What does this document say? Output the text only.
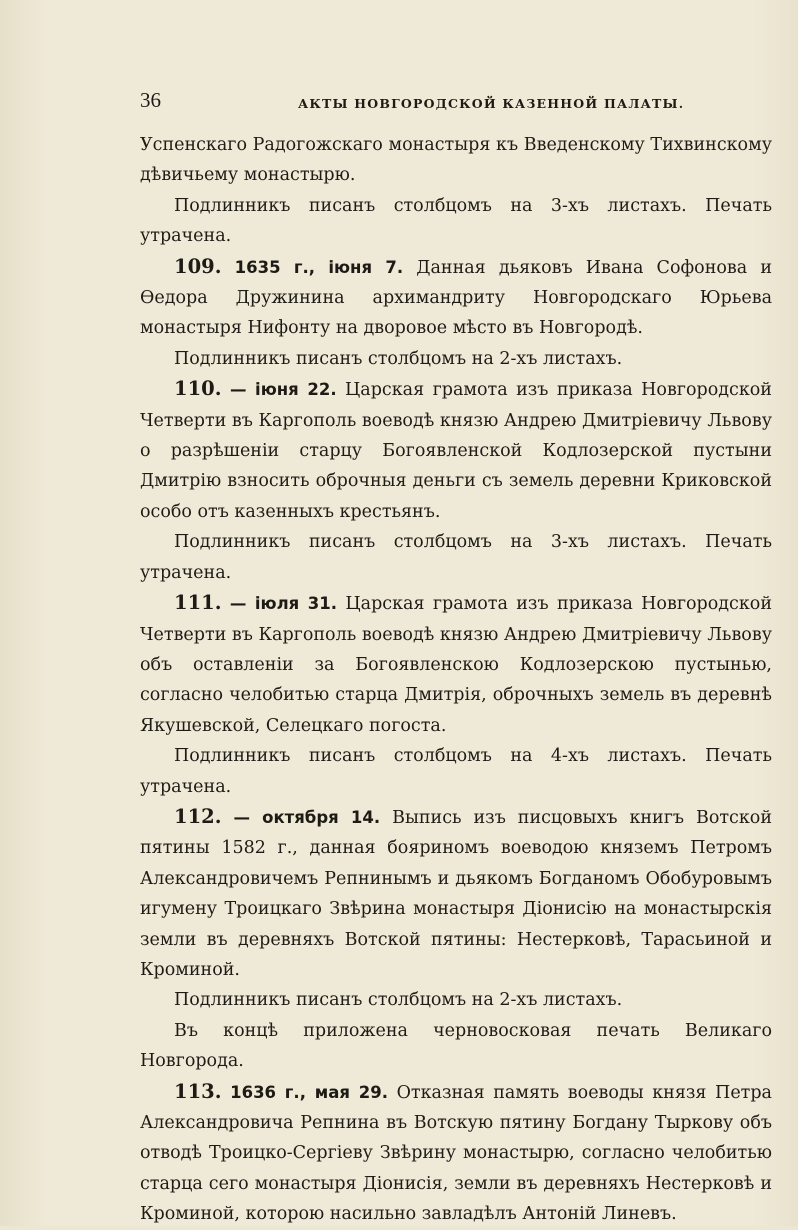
36	АКТЫ НОВГОРОДСКОЙ КАЗЕННОЙ ПАЛАТЫ.

Успенскаго Радогожскаго монастыря къ Введенскому Тихвинскому дѣвичьему монастырю.

Подлинникъ писанъ столбцомъ на 3-хъ листахъ. Печать утрачена.

109. 1635 г., іюня 7. Данная дьяковъ Ивана Софонова и Ѳедора Дружинина архимандриту Новгородскаго Юрьева монастыря Нифонту на дворовое мѣсто въ Новгородѣ.

Подлинникъ писанъ столбцомъ на 2-хъ листахъ.

110. — іюня 22. Царская грамота изъ приказа Новгородской Четверти въ Каргополь воеводѣ князю Андрею Дмитріевичу Львову о разрѣшеніи старцу Богоявленской Кодлозерской пустыни Дмитрію взносить оброчныя деньги съ земель деревни Криковской особо отъ казенныхъ крестьянъ.

Подлинникъ писанъ столбцомъ на 3-хъ листахъ. Печать утрачена.

111. — іюля 31. Царская грамота изъ приказа Новгородской Четверти въ Каргополь воеводѣ князю Андрею Дмитріевичу Львову объ оставленіи за Богоявленскою Кодлозерскою пустынью, согласно челобитью старца Дмитрія, оброчныхъ земель въ деревнѣ Якушевской, Селецкаго погоста.

Подлинникъ писанъ столбцомъ на 4-хъ листахъ. Печать утрачена.

112. — октября 14. Выпись изъ писцовыхъ книгъ Вотской пятины 1582 г., данная бояриномъ воеводою княземъ Петромъ Александровичемъ Репнинымъ и дьякомъ Богданомъ Обобуровымъ игумену Троицкаго Звѣрина монастыря Діонисію на монастырскія земли въ деревняхъ Вотской пятины: Нестерковѣ, Тарасьиной и Кроминой.

Подлинникъ писанъ столбцомъ на 2-хъ листахъ.

Въ концѣ приложена черновосковая печать Великаго Новгорода.

113. 1636 г., мая 29. Отказная память воеводы князя Петра Александровича Репнина въ Вотскую пятину Богдану Тыркову объ отводѣ Троицко-Сергіеву Звѣрину монастырю, согласно челобитью старца сего монастыря Діонисія, земли въ деревняхъ Нестерковѣ и Кроминой, которою насильно завладѣлъ Антоній Линевъ.
